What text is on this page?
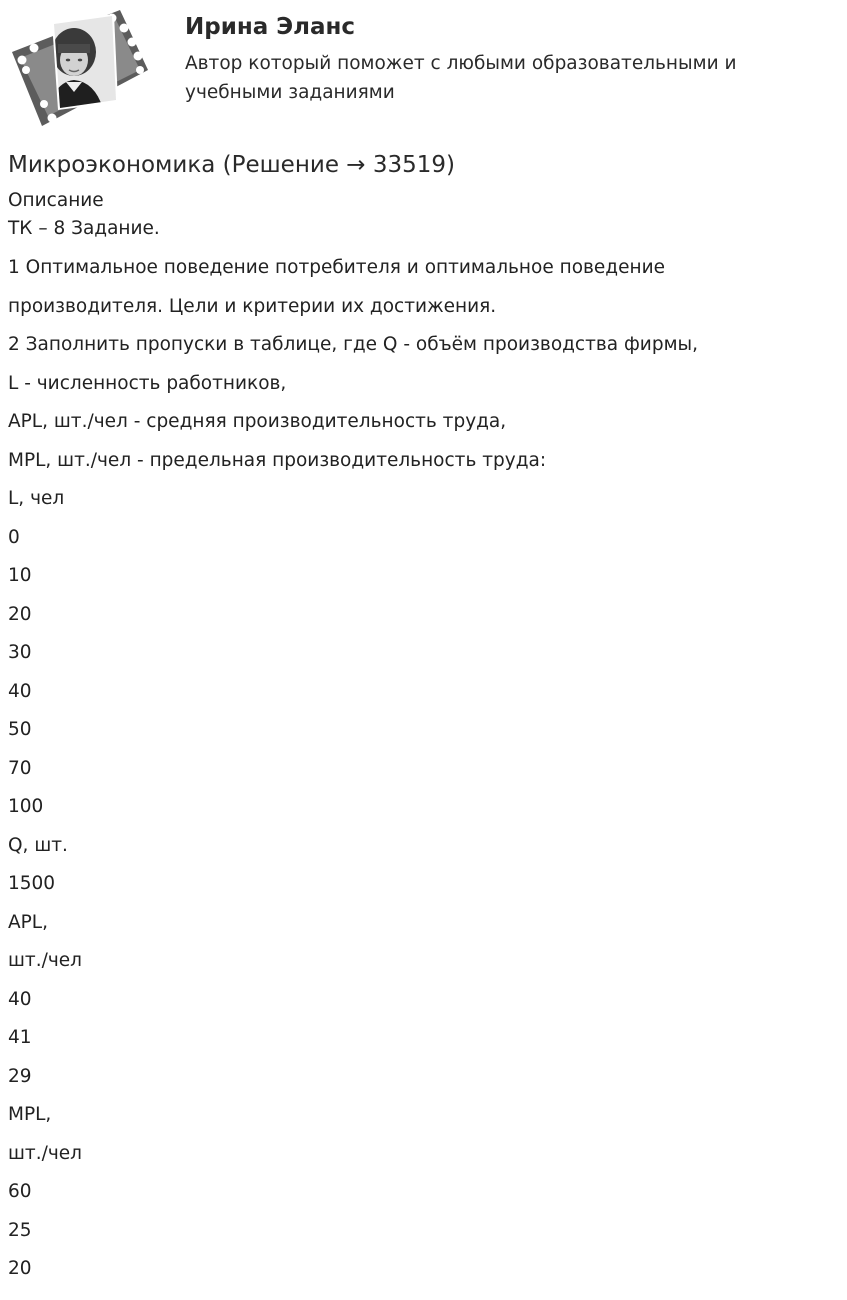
Ирина Эланс

Автор который поможет с любыми образовательными и учебными заданиями

Микроэкономика (Решение → 33519)
Описание
ТК – 8 Задание.
1 Оптимальное поведение потребителя и оптимальное поведение
производителя. Цели и критерии их достижения.
2 Заполнить пропуски в таблице, где Q - объём производства фирмы,
L - численность работников,
APL, шт./чел - средняя производительность труда,
MPL, шт./чел - предельная производительность труда:
L, чел
0
10
20
30
40
50
70
100
Q, шт.
1500
APL,
шт./чел
40
41
29
MPL,
шт./чел
60
25
20
